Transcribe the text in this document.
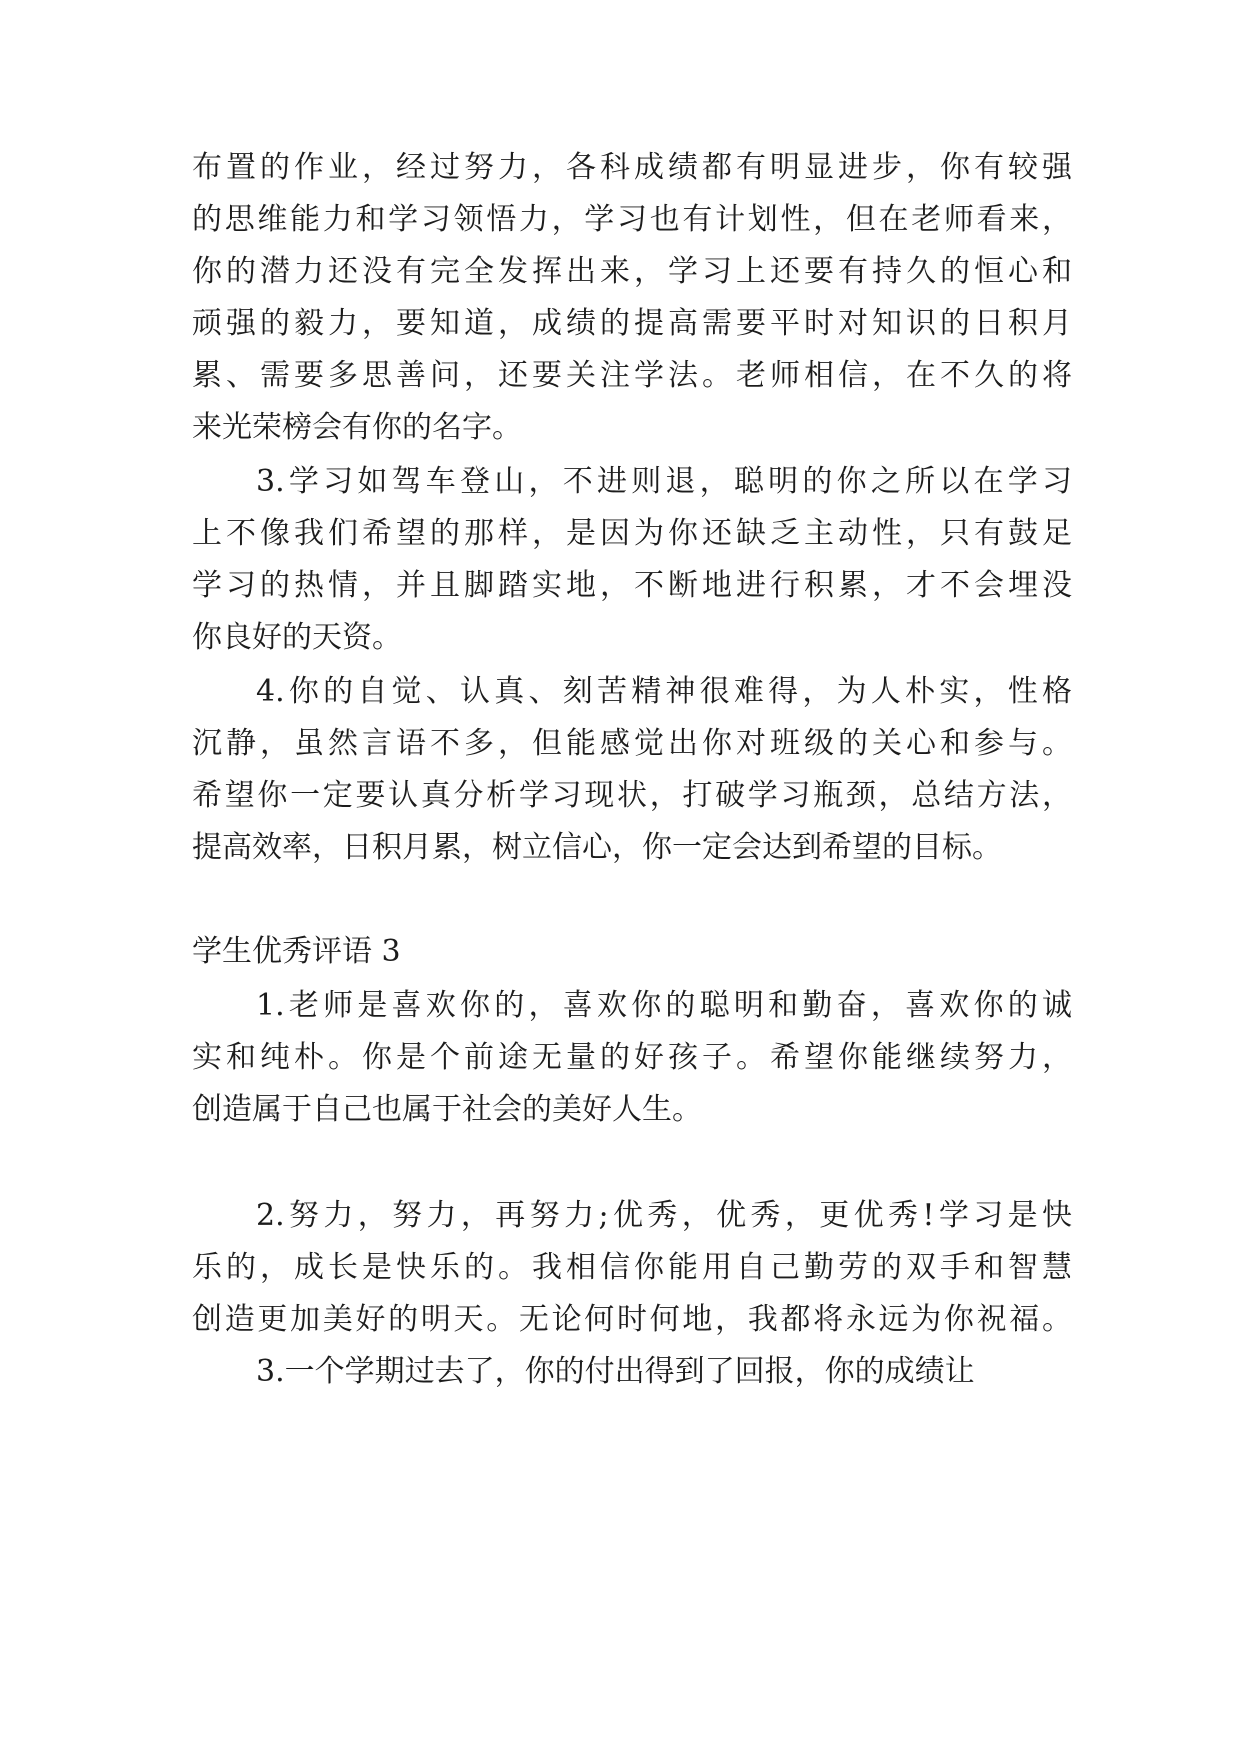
布置的作业，经过努力，各科成绩都有明显进步，你有较强
的思维能力和学习领悟力，学习也有计划性，但在老师看来，
你的潜力还没有完全发挥出来，学习上还要有持久的恒心和
顽强的毅力，要知道，成绩的提高需要平时对知识的日积月
累、需要多思善问，还要关注学法。老师相信，在不久的将
来光荣榜会有你的名字。
3.学习如驾车登山，不进则退，聪明的你之所以在学习
上不像我们希望的那样，是因为你还缺乏主动性，只有鼓足
学习的热情，并且脚踏实地，不断地进行积累，才不会埋没
你良好的天资。
4.你的自觉、认真、刻苦精神很难得，为人朴实，性格
沉静，虽然言语不多，但能感觉出你对班级的关心和参与。
希望你一定要认真分析学习现状，打破学习瓶颈，总结方法，
提高效率，日积月累，树立信心，你一定会达到希望的目标。
学生优秀评语 3
1.老师是喜欢你的，喜欢你的聪明和勤奋，喜欢你的诚
实和纯朴。你是个前途无量的好孩子。希望你能继续努力，
创造属于自己也属于社会的美好人生。
2.努力，努力，再努力;优秀，优秀，更优秀!学习是快
乐的，成长是快乐的。我相信你能用自己勤劳的双手和智慧
创造更加美好的明天。无论何时何地，我都将永远为你祝福。
3.一个学期过去了，你的付出得到了回报，你的成绩让
